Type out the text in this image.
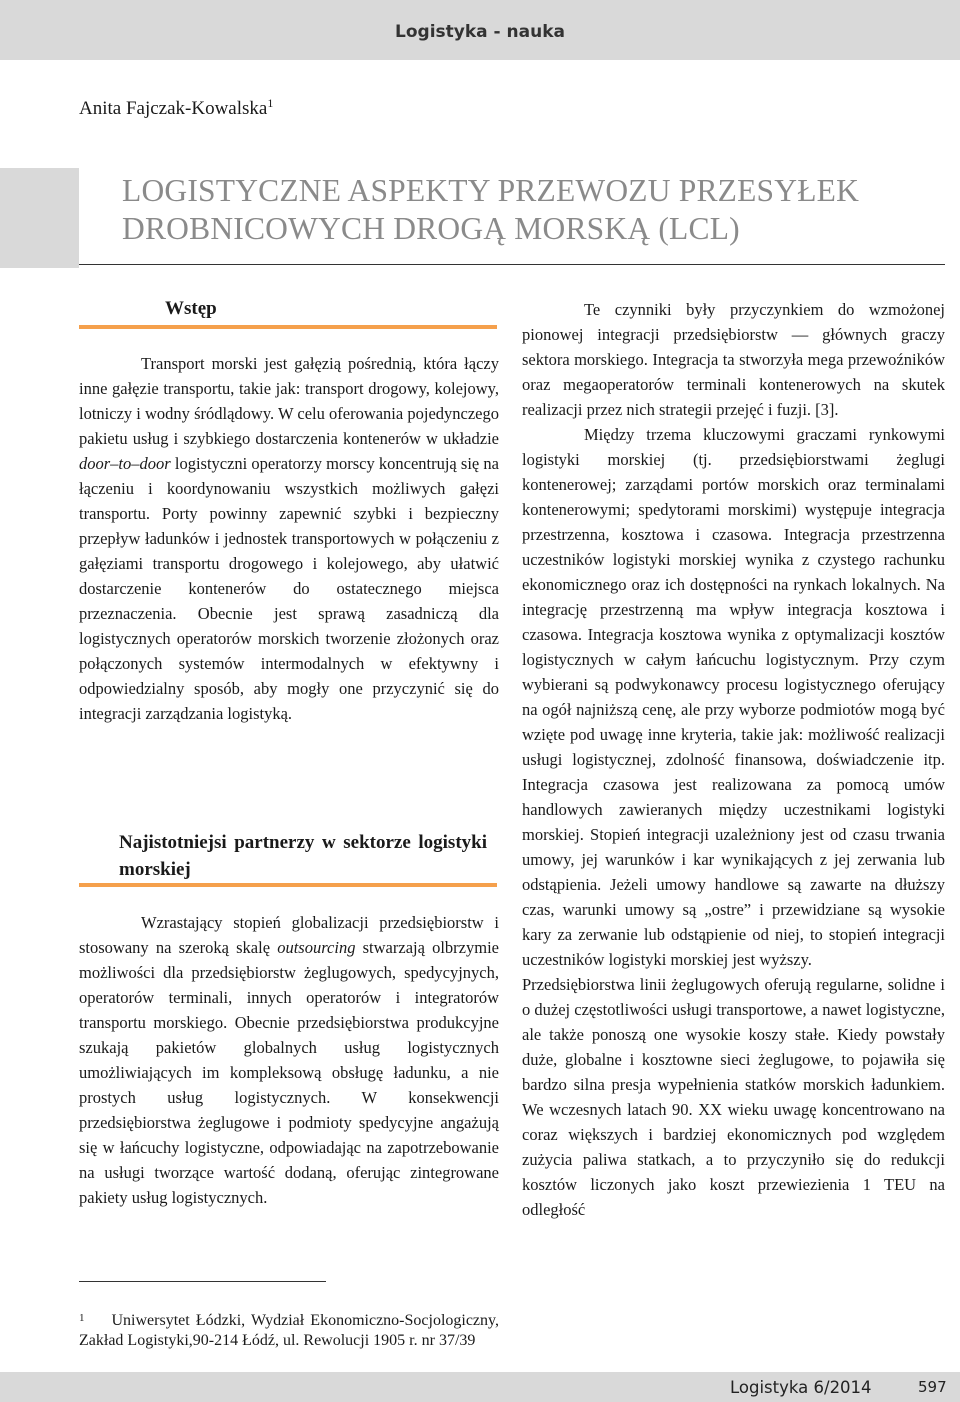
Logistyka - nauka
Anita Fajczak-Kowalska$^1$
LOGISTYCZNE ASPEKTY PRZEWOZU PRZESYŁEK DROBNICOWYCH DROGĄ MORSKĄ (LCL)
Wstęp

Transport morski jest gałęzią pośrednią, która łączy inne gałęzie transportu, takie jak: transport drogowy, kolejowy, lotniczy i wodny śródlądowy. W celu oferowania pojedynczego pakietu usług i szybkiego dostarczenia kontenerów w układzie door–to–door logistyczni operatorzy morscy koncentrują się na łączeniu i koordynowaniu wszystkich możliwych gałęzi transportu. Porty powinny zapewnić szybki i bezpieczny przepływ ładunków i jednostek transportowych w połączeniu z gałęziami transportu drogowego i kolejowego, aby ułatwić dostarczenie kontenerów do ostatecznego miejsca przeznaczenia. Obecnie jest sprawą zasadniczą dla logistycznych operatorów morskich tworzenie złożonych oraz połączonych systemów intermodalnych w efektywny i odpowiedzialny sposób, aby mogły one przyczynić się do integracji zarządzania logistyką.

Najistotniejsi partnerzy w sektorze logistyki morskiej

Wzrastający stopień globalizacji przedsiębiorstw i stosowany na szeroką skalę outsourcing stwarzają olbrzymie możliwości dla przedsiębiorstw żeglugowych, spedycyjnych, operatorów terminali, innych operatorów i integratorów transportu morskiego. Obecnie przedsiębiorstwa produkcyjne szukają pakietów globalnych usług logistycznych umożliwiających im kompleksową obsługę ładunku, a nie prostych usług logistycznych. W konsekwencji przedsiębiorstwa żeglugowe i podmioty spedycyjne angażują się w łańcuchy logistyczne, odpowiadając na zapotrzebowanie na usługi tworzące wartość dodaną, oferując zintegrowane pakiety usług logistycznych.

$^1$ Uniwersytet Łódzki, Wydział Ekonomiczno-Socjologiczny, Zakład Logistyki,90-214 Łódź, ul. Rewolucji 1905 r. nr 37/39

Te czynniki były przyczynkiem do wzmożonej pionowej integracji przedsiębiorstw — głównych graczy sektora morskiego. Integracja ta stworzyła mega przewoźników oraz megaoperatorów terminali kontenerowych na skutek realizacji przez nich strategii przejęć i fuzji. [3].

Między trzema kluczowymi graczami rynkowymi logistyki morskiej (tj. przedsiębiorstwami żeglugi kontenerowej; zarządami portów morskich oraz terminalami kontenerowymi; spedytorami morskimi) występuje integracja przestrzenna, kosztowa i czasowa. Integracja przestrzenna uczestników logistyki morskiej wynika z czystego rachunku ekonomicznego oraz ich dostępności na rynkach lokalnych. Na integrację przestrzenną ma wpływ integracja kosztowa i czasowa. Integracja kosztowa wynika z optymalizacji kosztów logistycznych w całym łańcuchu logistycznym. Przy czym wybierani są podwykonawcy procesu logistycznego oferujący na ogół najniższą cenę, ale przy wyborze podmiotów mogą być wzięte pod uwagę inne kryteria, takie jak: możliwość realizacji usługi logistycznej, zdolność finansowa, doświadczenie itp. Integracja czasowa jest realizowana za pomocą umów handlowych zawieranych między uczestnikami logistyki morskiej. Stopień integracji uzależniony jest od czasu trwania umowy, jej warunków i kar wynikających z jej zerwania lub odstąpienia. Jeżeli umowy handlowe są zawarte na dłuższy czas, warunki umowy są „ostre” i przewidziane są wysokie kary za zerwanie lub odstąpienie od niej, to stopień integracji uczestników logistyki morskiej jest wyższy.

Przedsiębiorstwa linii żeglugowych oferują regularne, solidne i o dużej częstotliwości usługi transportowe, a nawet logistyczne, ale także ponoszą one wysokie koszy stałe. Kiedy powstały duże, globalne i kosztowne sieci żeglugowe, to pojawiła się bardzo silna presja wypełnienia statków morskich ładunkiem. We wczesnych latach 90. XX wieku uwagę koncentrowano na coraz większych i bardziej ekonomicznych pod względem zużycia paliwa statkach, a to przyczyniło się do redukcji kosztów liczonych jako koszt przewiezienia 1 TEU na odległość

Logistyka 6/2014	597
